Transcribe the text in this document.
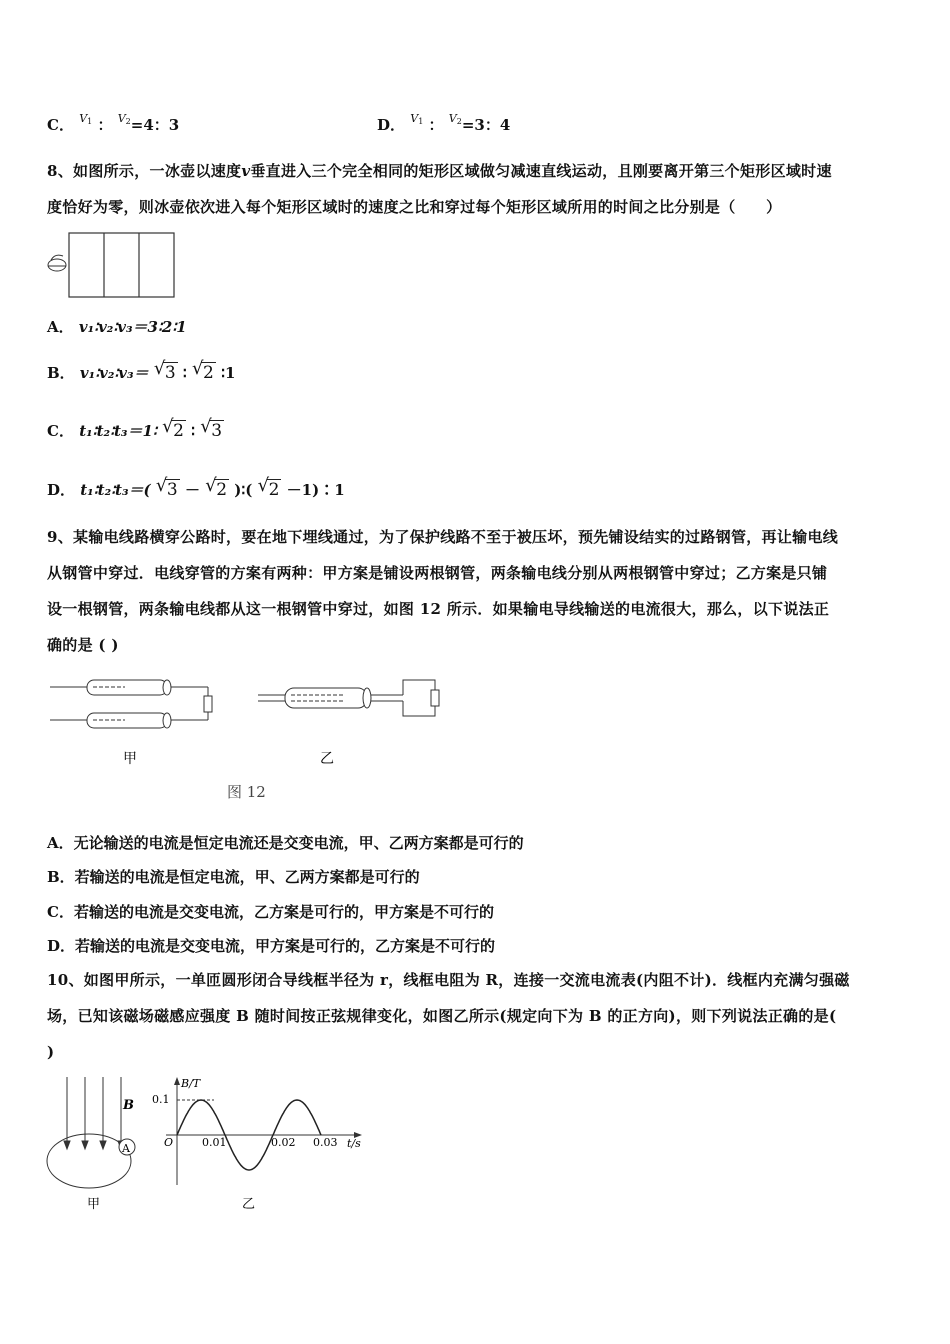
C． $^{V1}$ ： $^{V2}$=4：3	D． $^{V1}$ ： $^{V2}$=3：4
8、如图所示，一冰壶以速度v垂直进入三个完全相同的矩形区域做匀减速直线运动，且刚要离开第三个矩形区域时速
度恰好为零，则冰壶依次进入每个矩形区域时的速度之比和穿过每个矩形区域所用的时间之比分别是（　　）
A． v₁∶v₂∶v₃＝3∶2∶1
B． v₁∶v₂∶v₃＝ √ 3 ∶ √ 2 ∶1
C． t₁∶t₂∶t₃＝1∶ √ 2 ∶ √ 3
D． t₁∶t₂∶t₃＝( √ 3 － √ 2 )∶( √ 2 －1)∶1
9、某输电线路横穿公路时，要在地下埋线通过，为了保护线路不至于被压坏，预先铺设结实的过路钢管，再让输电线
从钢管中穿过．电线穿管的方案有两种：甲方案是铺设两根钢管，两条输电线分别从两根钢管中穿过；乙方案是只铺
设一根钢管，两条输电线都从这一根钢管中穿过，如图 12 所示．如果输电导线输送的电流很大，那么，以下说法正
确的是 ( )
甲	乙
图 12
A．无论输送的电流是恒定电流还是交变电流，甲、乙两方案都是可行的
B．若输送的电流是恒定电流，甲、乙两方案都是可行的
C．若输送的电流是交变电流，乙方案是可行的，甲方案是不可行的
D．若输送的电流是交变电流，甲方案是可行的，乙方案是不可行的
10、如图甲所示，一单匝圆形闭合导线框半径为 r，线框电阻为 R，连接一交流电流表(内阻不计)．线框内充满匀强磁
场，已知该磁场磁感应强度 B 随时间按正弦规律变化，如图乙所示(规定向下为 B 的正方向)，则下列说法正确的是(
)
B
A
甲
B/T
0.1
O	0.01	0.02 0.03 t/s
乙
